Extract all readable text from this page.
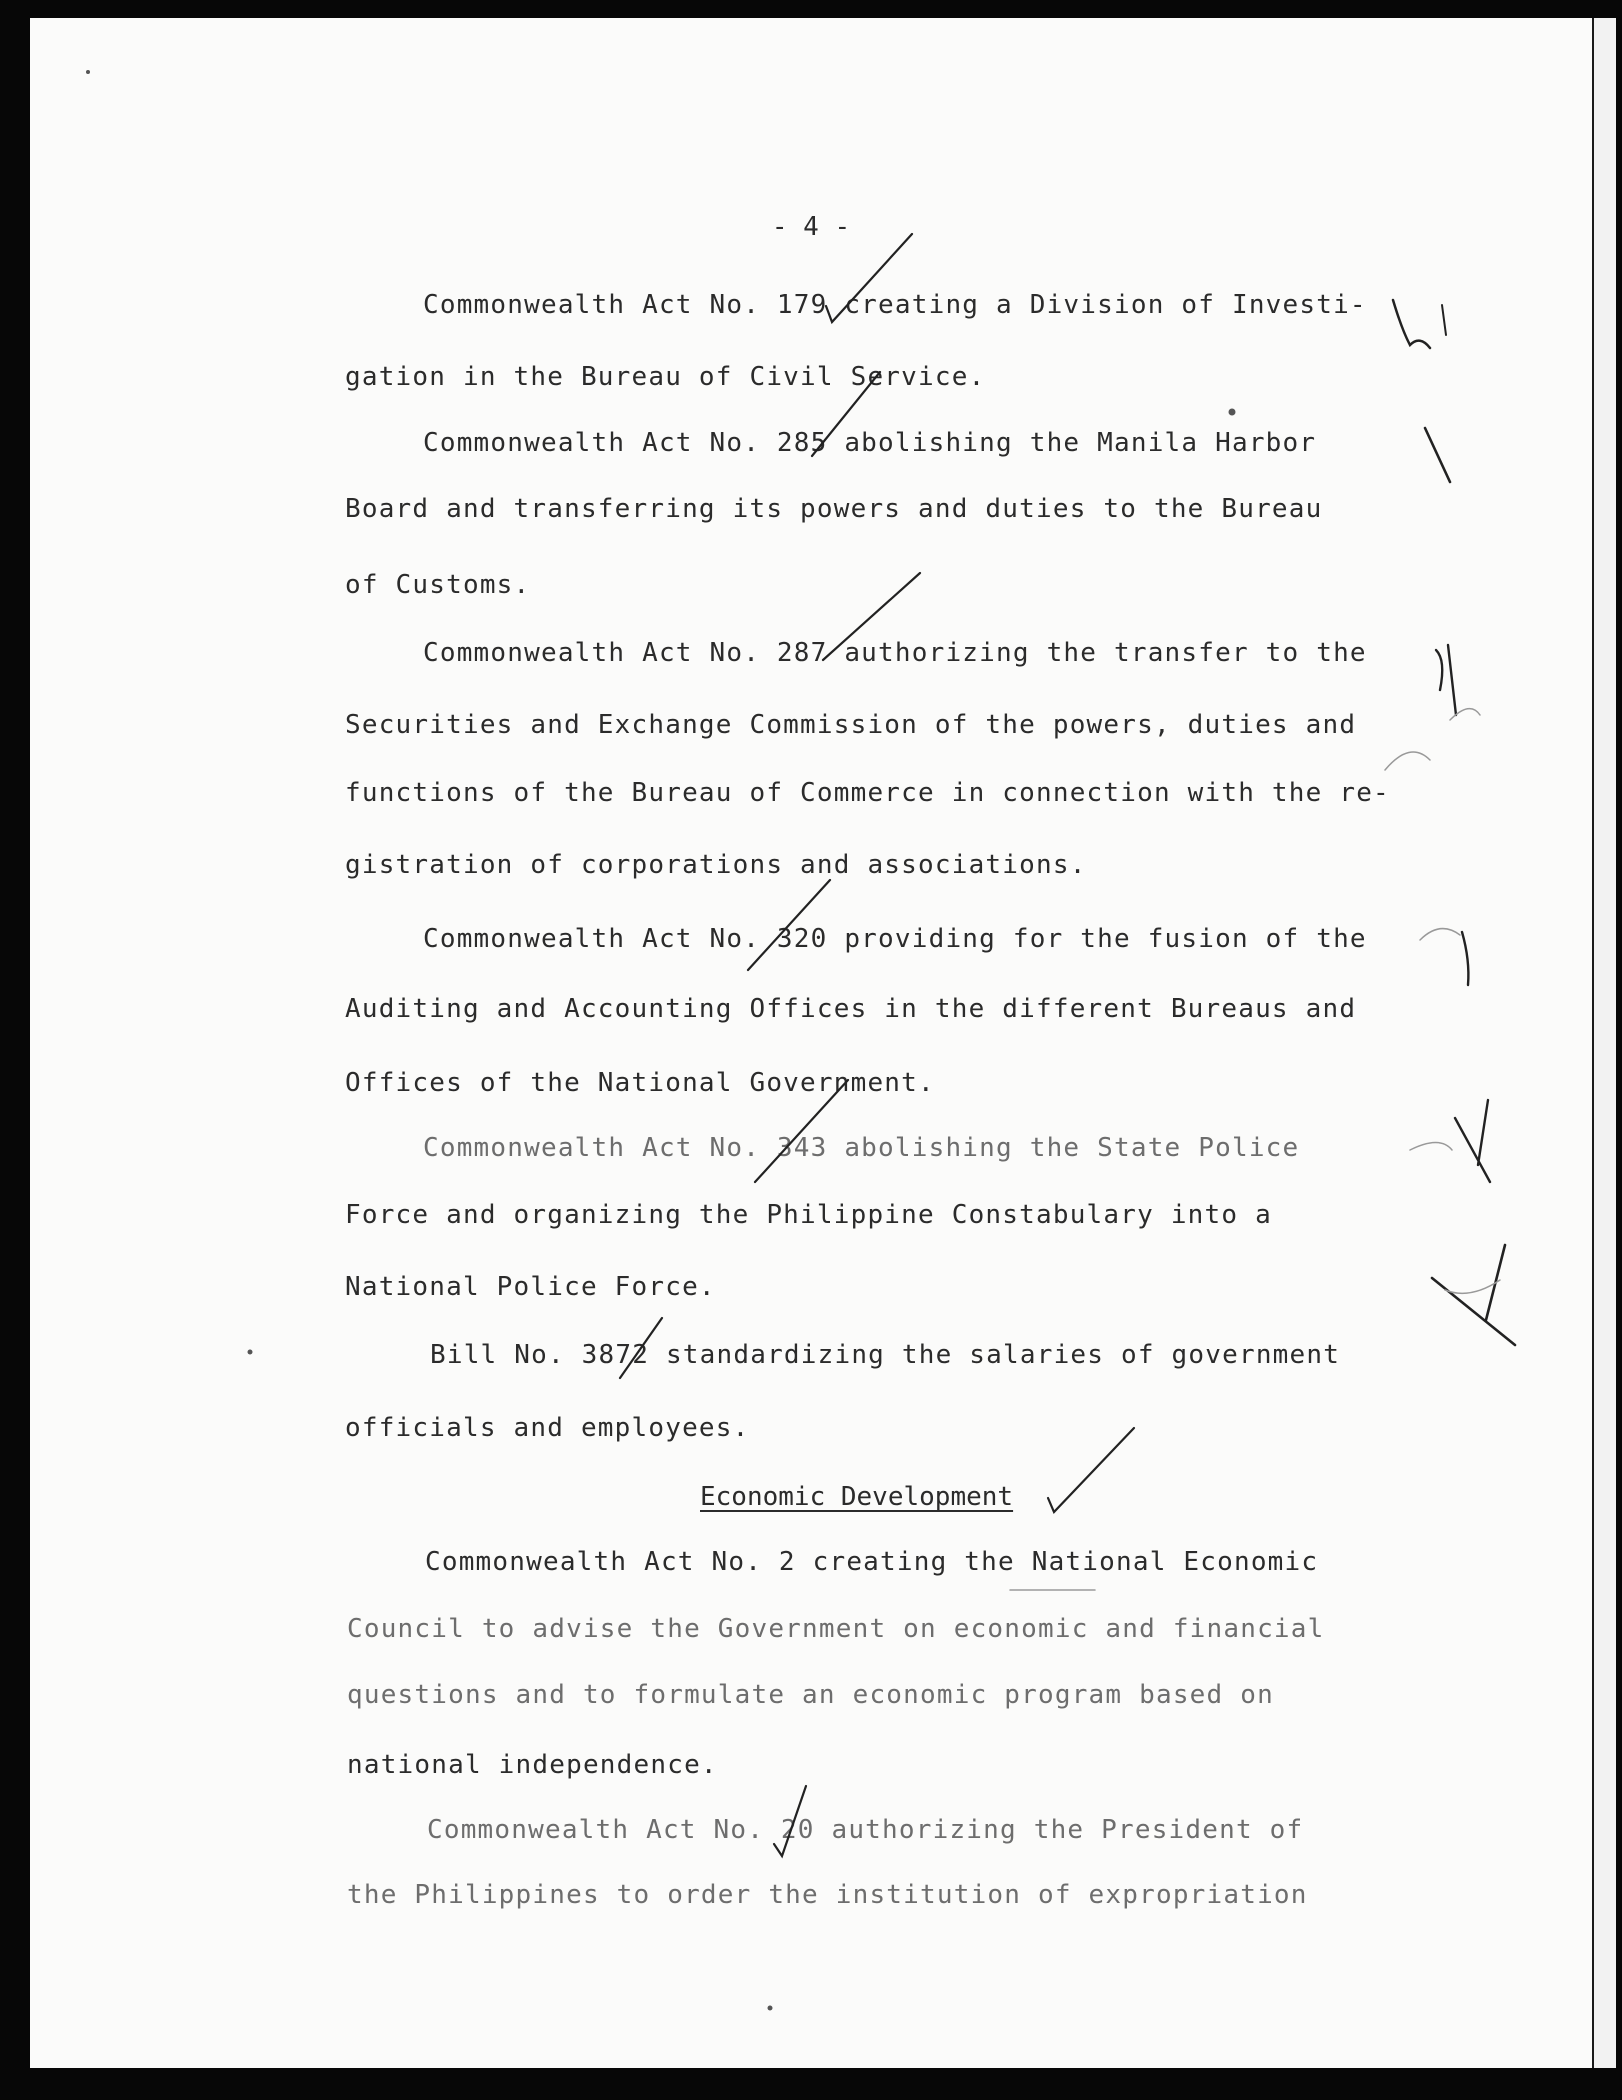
- 4 -
Commonwealth Act No. 179 creating a Division of Investi-
gation in the Bureau of Civil Service.
Commonwealth Act No. 285 abolishing the Manila Harbor
Board and transferring its powers and duties to the Bureau
of Customs.
Commonwealth Act No. 287 authorizing the transfer to the
Securities and Exchange Commission of the powers, duties and
functions of the Bureau of Commerce in connection with the re-
gistration of corporations and associations.
Commonwealth Act No. 320 providing for the fusion of the
Auditing and Accounting Offices in the different Bureaus and
Offices of the National Government.
Commonwealth Act No. 343 abolishing the State Police
Force and organizing the Philippine Constabulary into a
National Police Force.
Bill No. 3872 standardizing the salaries of government
officials and employees.
Economic Development
Commonwealth Act No. 2 creating the National Economic
Council to advise the Government on economic and financial
questions and to formulate an economic program based on
national independence.
Commonwealth Act No. 20 authorizing the President of
the Philippines to order the institution of expropriation
